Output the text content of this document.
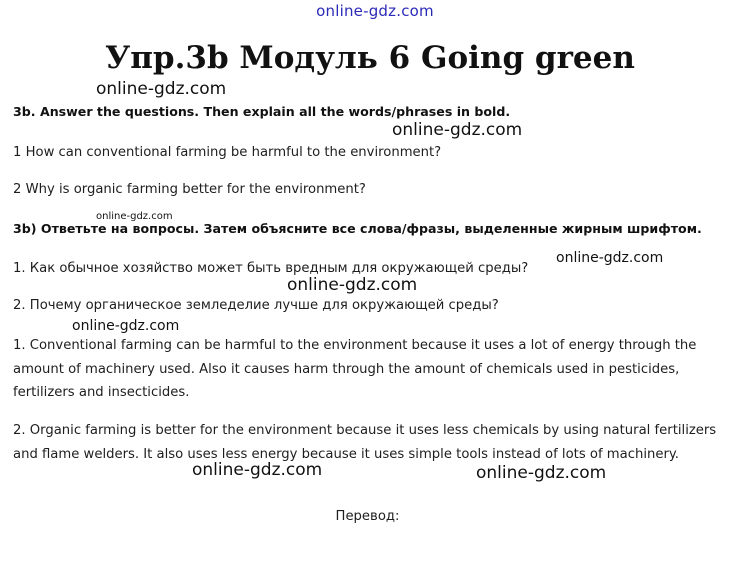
online-gdz.com
Упр.3b Модуль 6 Going green
online-gdz.com
online-gdz.com
online-gdz.com
online-gdz.com
online-gdz.com
online-gdz.com
online-gdz.com	online-gdz.com
3b. Answer the questions. Then explain all the words/phrases in bold.
1 How can conventional farming be harmful to the environment?
2 Why is organic farming better for the environment?
3b) Ответьте на вопросы. Затем объясните все слова/фразы, выделенные жирным шрифтом.
1. Как обычное хозяйство может быть вредным для окружающей среды?
2. Почему органическое земледелие лучше для окружающей среды?
1. Conventional farming can be harmful to the environment because it uses a lot of energy through the amount of machinery used. Also it causes harm through the amount of chemicals used in pesticides, fertilizers and insecticides.
2. Organic farming is better for the environment because it uses less chemicals by using natural fertilizers and flame welders. It also uses less energy because it uses simple tools instead of lots of machinery.
Перевод:
